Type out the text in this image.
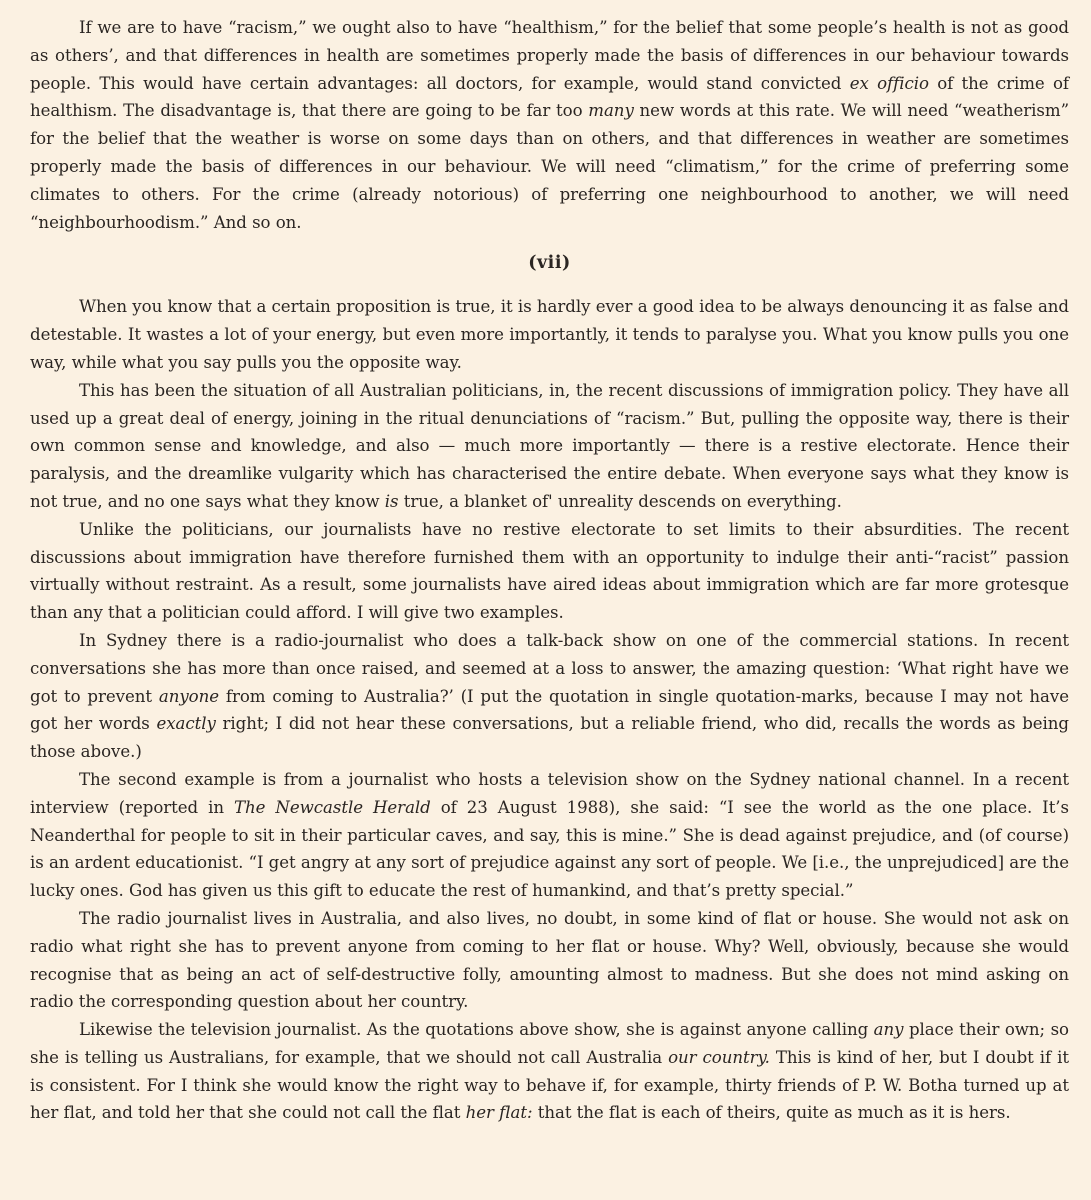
If we are to have “racism,” we ought also to have “healthism,” for the belief that some people’s health is not as good as others’, and that differences in health are sometimes properly made the basis of differences in our behaviour towards people. This would have certain advantages: all doctors, for example, would stand convicted ex officio of the crime of healthism. The disadvantage is, that there are going to be far too many new words at this rate. We will need “weatherism” for the belief that the weather is worse on some days than on others, and that differences in weather are sometimes properly made the basis of differences in our behaviour. We will need “climatism,” for the crime of preferring some climates to others. For the crime (already notorious) of preferring one neighbourhood to another, we will need “neighbourhoodism.” And so on.

(vii)

When you know that a certain proposition is true, it is hardly ever a good idea to be always denouncing it as false and detestable. It wastes a lot of your energy, but even more importantly, it tends to paralyse you. What you know pulls you one way, while what you say pulls you the opposite way.

This has been the situation of all Australian politicians, in, the recent discussions of immigration policy. They have all used up a great deal of energy, joining in the ritual denunciations of “racism.” But, pulling the opposite way, there is their own common sense and knowledge, and also — much more importantly — there is a restive electorate. Hence their paralysis, and the dreamlike vulgarity which has characterised the entire debate. When everyone says what they know is not true, and no one says what they know is true, a blanket of' unreality descends on everything.

Unlike the politicians, our journalists have no restive electorate to set limits to their absurdities. The recent discussions about immigration have therefore furnished them with an opportunity to indulge their anti-“racist” passion virtually without restraint. As a result, some journalists have aired ideas about immigration which are far more grotesque than any that a politician could afford. I will give two examples.

In Sydney there is a radio-journalist who does a talk-back show on one of the commercial stations. In recent conversations she has more than once raised, and seemed at a loss to answer, the amazing question: ‘What right have we got to prevent anyone from coming to Australia?’ (I put the quotation in single quotation-marks, because I may not have got her words exactly right; I did not hear these conversations, but a reliable friend, who did, recalls the words as being those above.)

The second example is from a journalist who hosts a television show on the Sydney national channel. In a recent interview (reported in The Newcastle Herald of 23 August 1988), she said: “I see the world as the one place. It’s Neanderthal for people to sit in their particular caves, and say, this is mine.” She is dead against prejudice, and (of course) is an ardent educationist. “I get angry at any sort of prejudice against any sort of people. We [i.e., the unprejudiced] are the lucky ones. God has given us this gift to educate the rest of humankind, and that’s pretty special.”

The radio journalist lives in Australia, and also lives, no doubt, in some kind of flat or house. She would not ask on radio what right she has to prevent anyone from coming to her flat or house. Why? Well, obviously, because she would recognise that as being an act of self-destructive folly, amounting almost to madness. But she does not mind asking on radio the corresponding question about her country.

Likewise the television journalist. As the quotations above show, she is against anyone calling any place their own; so she is telling us Australians, for example, that we should not call Australia our country. This is kind of her, but I doubt if it is consistent. For I think she would know the right way to behave if, for example, thirty friends of P. W. Botha turned up at her flat, and told her that she could not call the flat her flat: that the flat is each of theirs, quite as much as it is hers.
